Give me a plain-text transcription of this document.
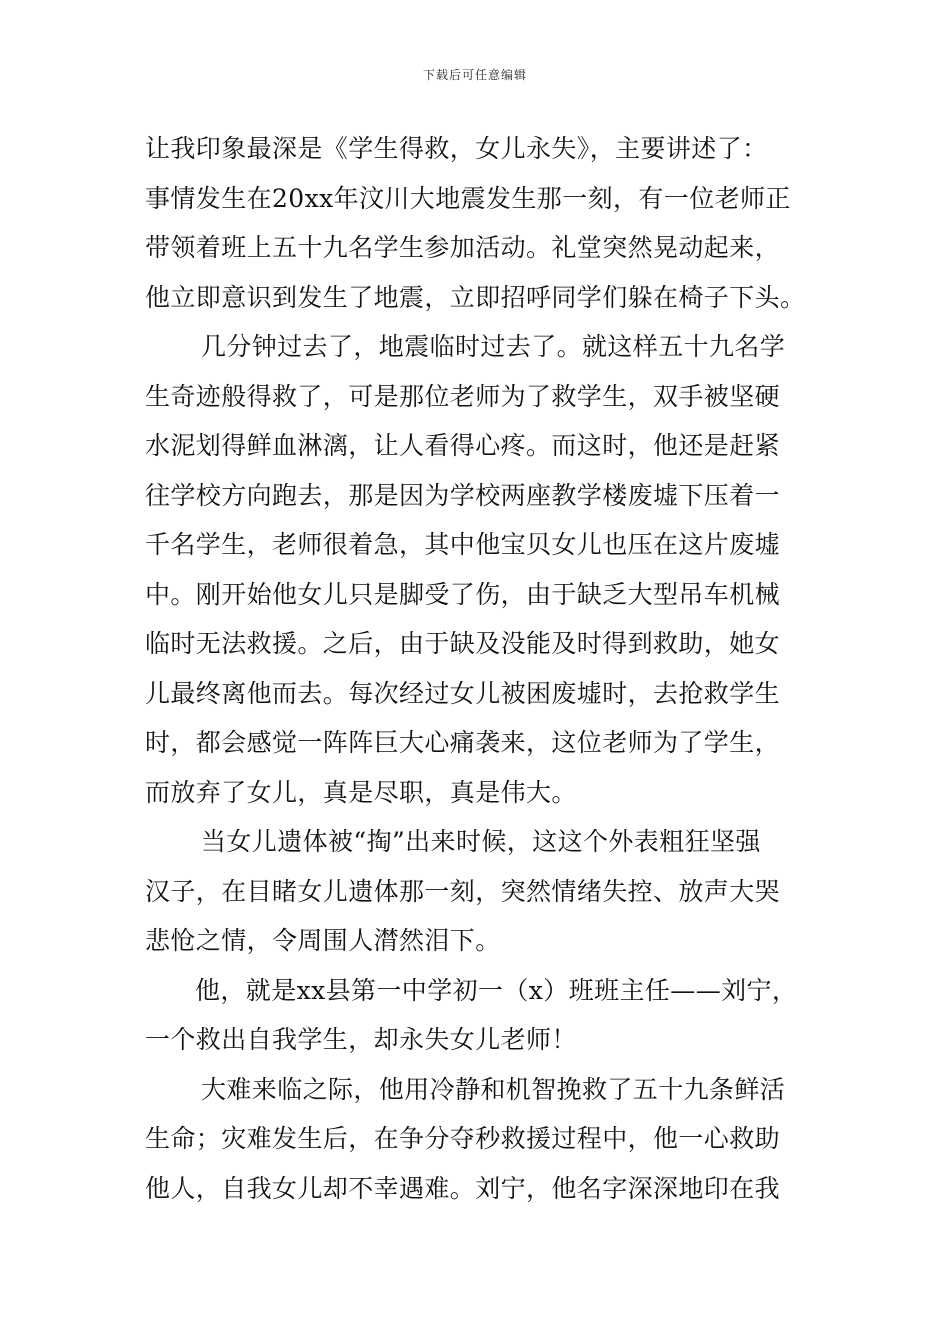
下载后可任意编辑
让我印象最深是《学生得救，女儿永失》，主要讲述了：
事情发生在20xx年汶川大地震发生那一刻，有一位老师正
带领着班上五十九名学生参加活动。礼堂突然晃动起来，
他立即意识到发生了地震，立即招呼同学们躲在椅子下头。
几分钟过去了，地震临时过去了。就这样五十九名学
生奇迹般得救了，可是那位老师为了救学生，双手被坚硬
水泥划得鲜血淋漓，让人看得心疼。而这时，他还是赶紧
往学校方向跑去，那是因为学校两座教学楼废墟下压着一
千名学生，老师很着急，其中他宝贝女儿也压在这片废墟
中。刚开始他女儿只是脚受了伤，由于缺乏大型吊车机械
临时无法救援。之后，由于缺及没能及时得到救助，她女
儿最终离他而去。每次经过女儿被困废墟时，去抢救学生
时，都会感觉一阵阵巨大心痛袭来，这位老师为了学生，
而放弃了女儿，真是尽职，真是伟大。
当女儿遗体被“掏”出来时候，这这个外表粗狂坚强
汉子，在目睹女儿遗体那一刻，突然情绪失控、放声大哭
悲怆之情，令周围人潸然泪下。
他，就是xx县第一中学初一（x）班班主任——刘宁，
一个救出自我学生，却永失女儿老师！
大难来临之际，他用冷静和机智挽救了五十九条鲜活
生命；灾难发生后，在争分夺秒救援过程中，他一心救助
他人，自我女儿却不幸遇难。刘宁，他名字深深地印在我
